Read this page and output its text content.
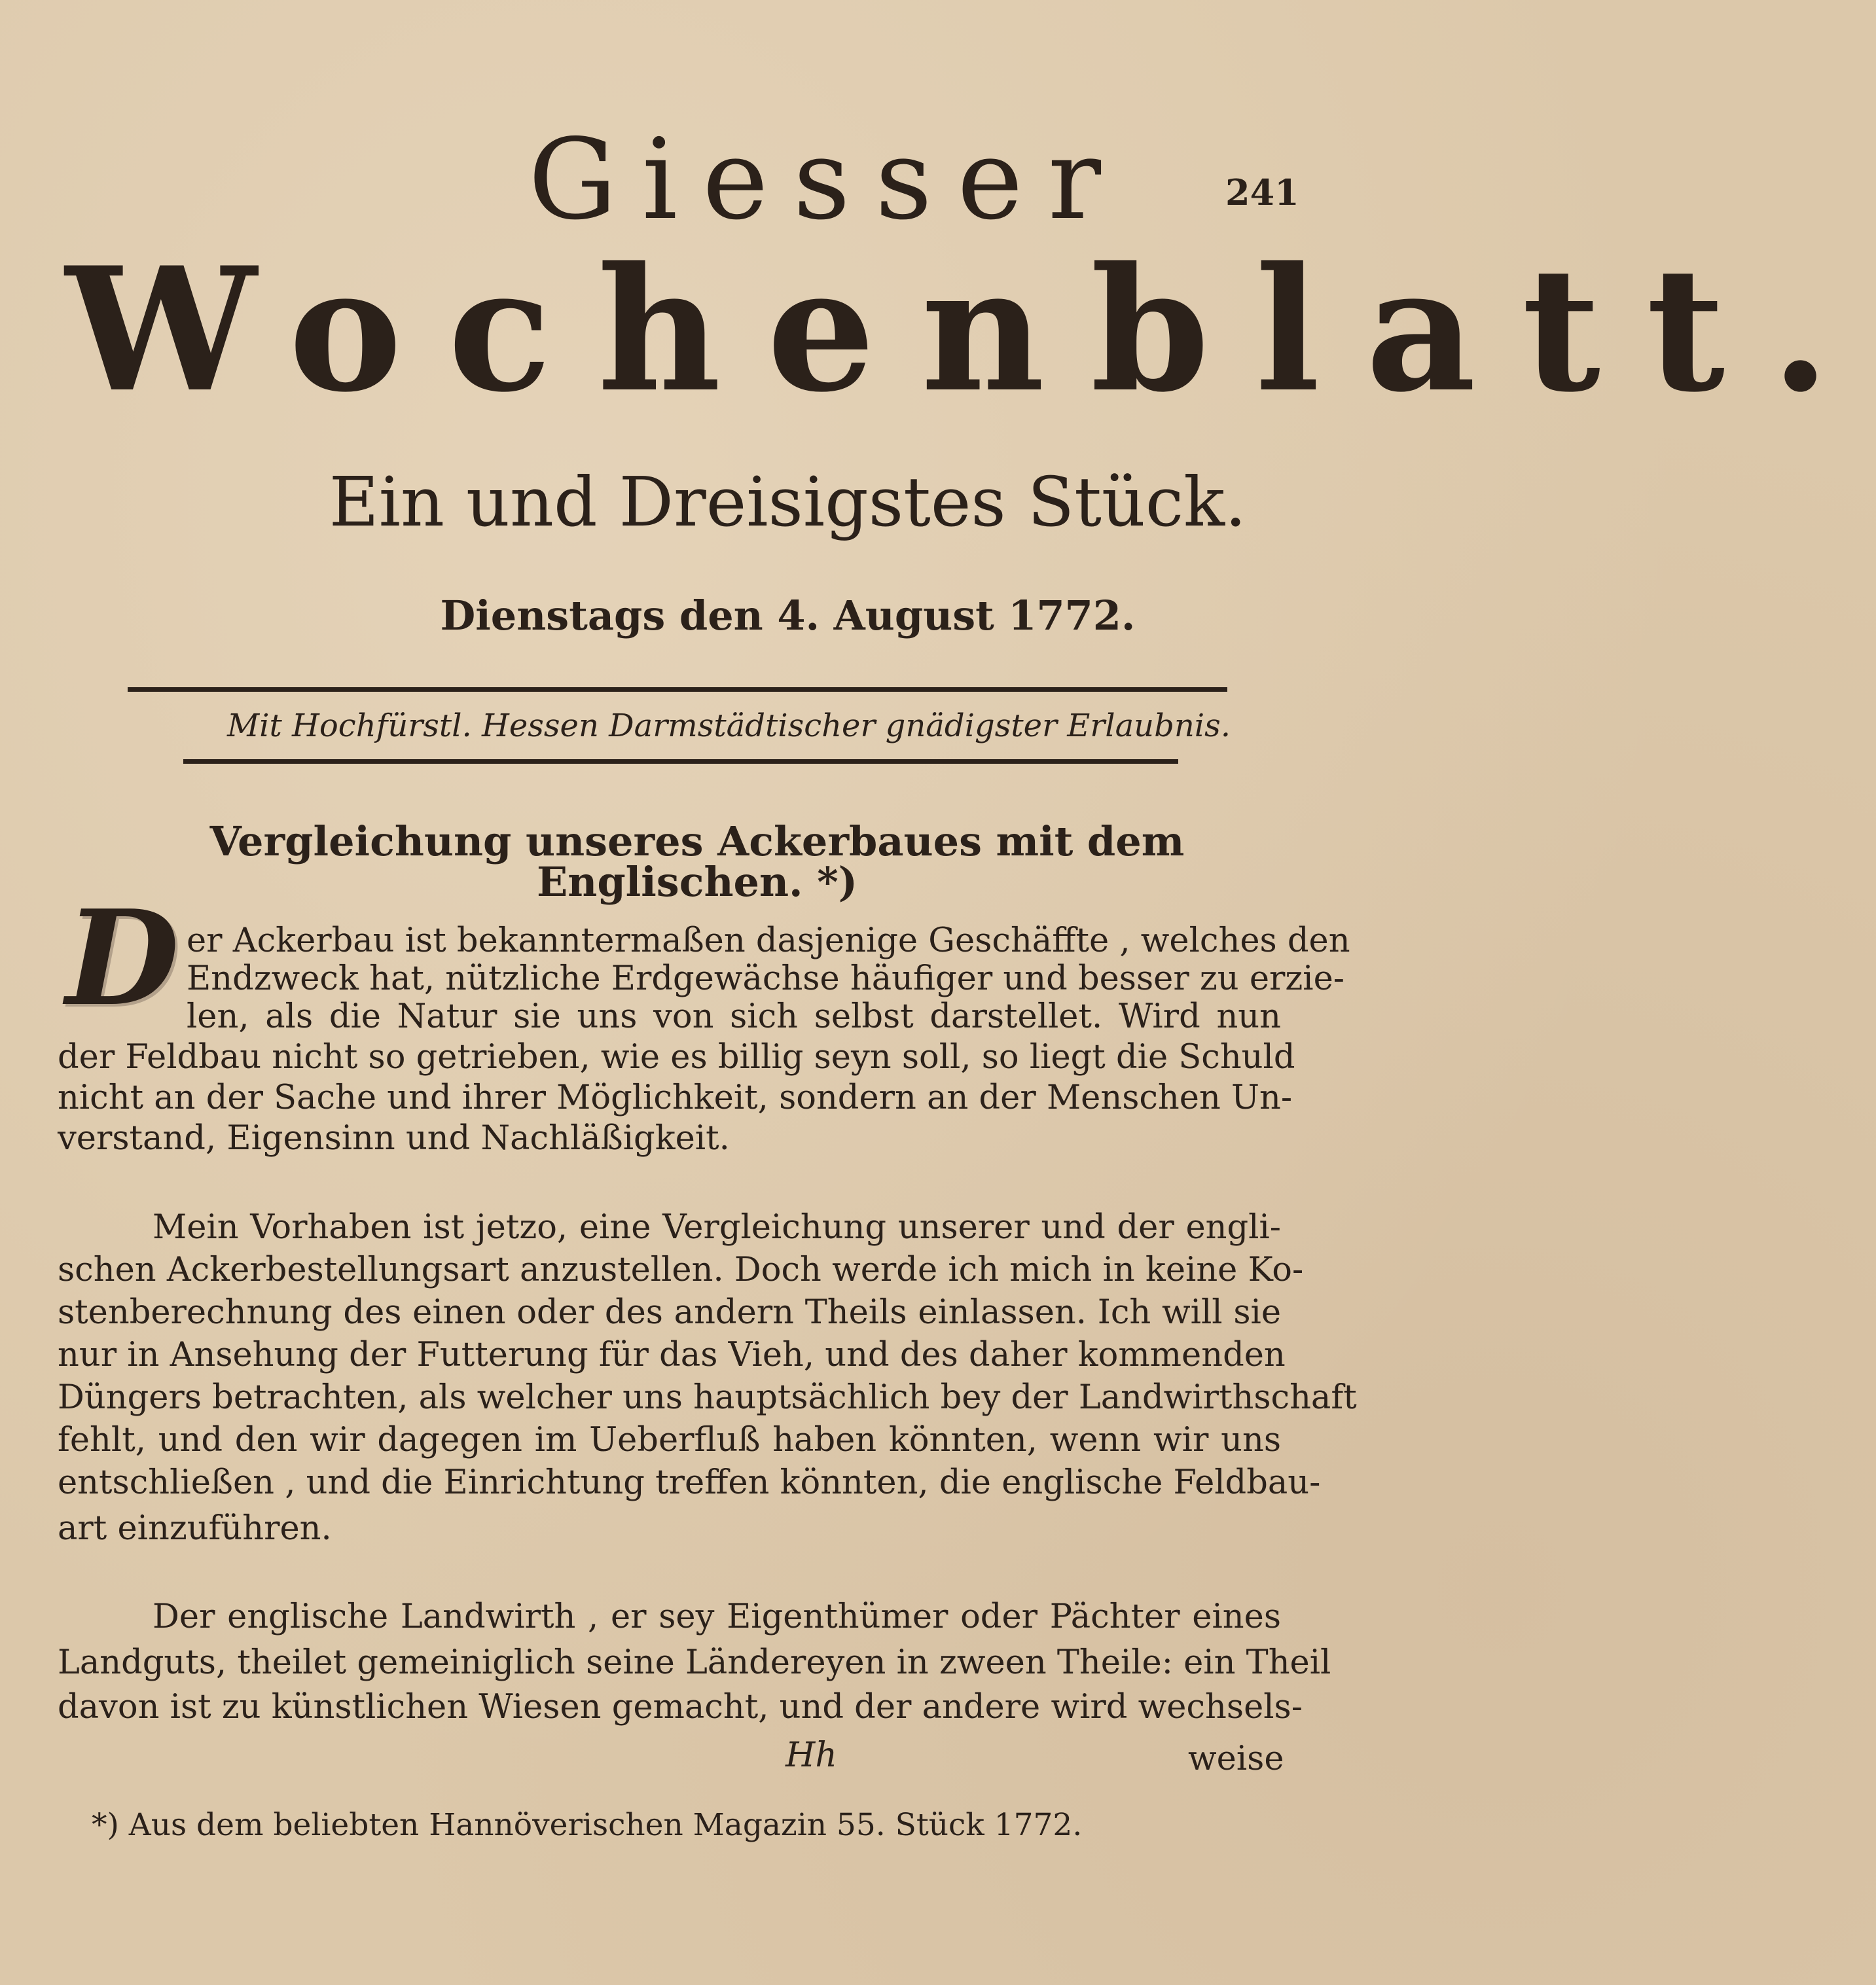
241
Giesser
Wochenblatt.
Ein und Dreisigstes Stück.
Dienstags den 4. August 1772.
Mit Hochfürstl. Hessen Darmstädtischer gnädigster Erlaubnis.
Vergleichung unseres Ackerbaues mit dem Englischen. *)
D er Ackerbau ist bekanntermaßen dasjenige Geschäffte , welches den
Endzweck hat, nützliche Erdgewächse häufiger und besser zu erzie-
len, als die Natur sie uns von sich selbst darstellet. Wird nun
der Feldbau nicht so getrieben, wie es billig seyn soll, so liegt die Schuld
nicht an der Sache und ihrer Möglichkeit, sondern an der Menschen Un-
verstand, Eigensinn und Nachläßigkeit.
Mein Vorhaben ist jetzo, eine Vergleichung unserer und der engli-
schen Ackerbestellungsart anzustellen. Doch werde ich mich in keine Ko-
stenberechnung des einen oder des andern Theils einlassen. Ich will sie
nur in Ansehung der Futterung für das Vieh, und des daher kommenden
Düngers betrachten, als welcher uns hauptsächlich bey der Landwirthschaft
fehlt, und den wir dagegen im Ueberfluß haben könnten, wenn wir uns
entschließen , und die Einrichtung treffen könnten, die englische Feldbau-
art einzuführen.
Der englische Landwirth , er sey Eigenthümer oder Pächter eines
Landguts, theilet gemeiniglich seine Ländereyen in zween Theile: ein Theil
davon ist zu künstlichen Wiesen gemacht, und der andere wird wechsels-
Hh	weise
*) Aus dem beliebten Hannöverischen Magazin 55. Stück 1772.
